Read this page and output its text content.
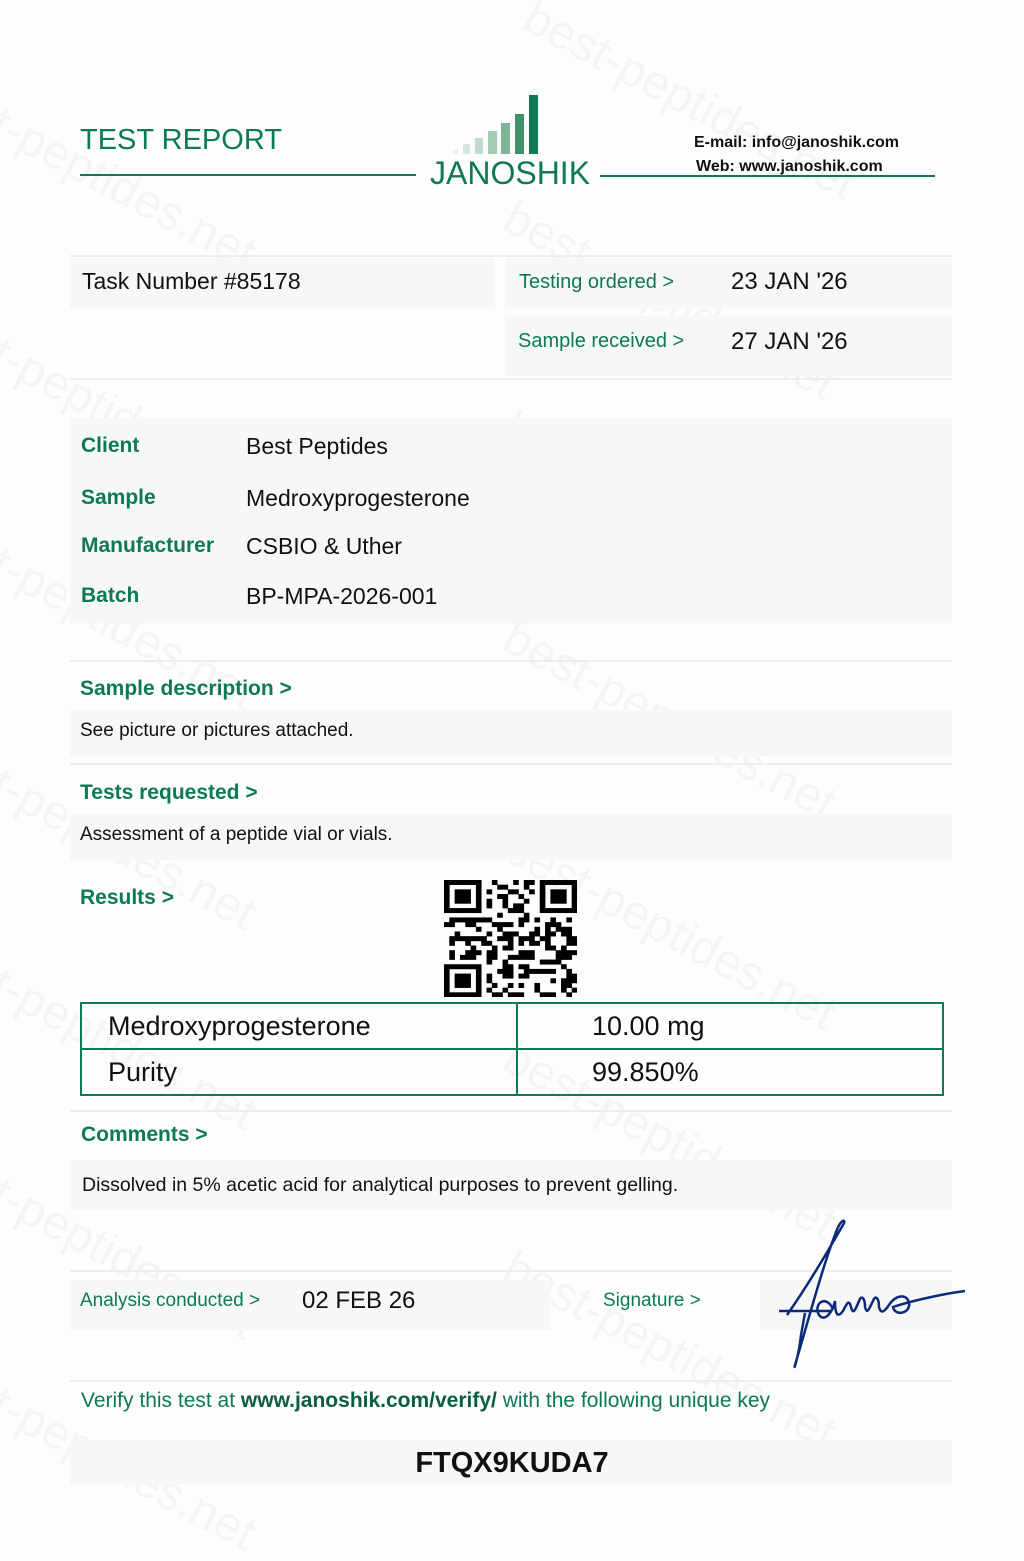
TEST REPORT
JANOSHIK
E-mail: info@janoshik.com
Web: www.janoshik.com
Task Number #85178	Testing ordered > 23 JAN '26
Sample received > 27 JAN '26
Client	Best Peptides
Sample	Medroxyprogesterone
Manufacturer CSBIO & Uther
Batch	BP-MPA-2026-001
Sample description >
See picture or pictures attached.
Tests requested >
Assessment of a peptide vial or vials.
Results >
Medroxyprogesterone	10.00 mg
Purity	99.850%
Comments >
Dissolved in 5% acetic acid for analytical purposes to prevent gelling.
Analysis conducted > 02 FEB 26	Signature >
Verify this test at www.janoshik.com/verify/ with the following unique key
FTQX9KUDA7
